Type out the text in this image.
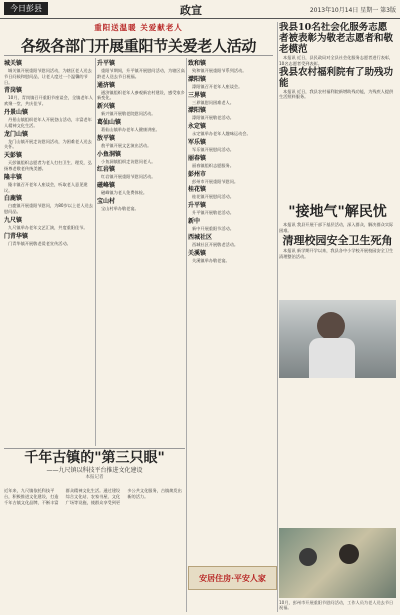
今日彭县	政宣	2013年10月14日 星期一 第3版
重阳送温暖 关爱献老人
各级各部门开展重阳节关爱老人活动
城关镇
城关镇开展重阳节慰问活动，为辖区老人送去节日问候和慰问品，让老人度过一个温馨的节日。
青岗镇
10月，青岗镇召开重阳节座谈会，全镇老年人欢聚一堂，共庆佳节。
丹景山镇
丹景山镇组织老年人开展登山活动，丰富老年人精神文化生活。
龙门山镇
龙门山镇开展走访慰问活动，为困难老人送去关怀。
天彭镇
天彭镇组织志愿者为老人打扫卫生、理发，弘扬尊老敬老传统美德。
隆丰镇
隆丰镇召开老年人座谈会，听取老人意见建议。
白鹿镇
白鹿镇开展重阳节慰问，为80岁以上老人送去慰问品。
九尺镇
九尺镇举办老年文艺汇演，共度重阳佳节。
门青华镇
门青华镇开展敬老爱老宣传活动。
升平镇
重阳节期间，升平镇开展慰问活动，为辖区高龄老人送去节日祝福。
通济镇
通济镇组织老年人参观新农村建设，感受家乡新变化。
新兴镇
新兴镇开展敬老院慰问活动。
葛仙山镇
葛仙山镇举办老年人健康讲座。
敖平镇
敖平镇开展文艺演出活动。
小鱼洞镇
小鱼洞镇组织走访慰问老人。
红岩镇
红岩镇开展重阳节慰问活动。
磁峰镇
磁峰镇为老人免费体检。
宝山村
宝山村举办敬老宴。
致和镇
致和镇开展重阳节系列活动。
濛阳镇
濛阳镇召开老年人座谈会。
三界镇
三界镇慰问困难老人。
濛阳镇
濛阳镇开展敬老活动。
永定镇
永定镇举办老年人趣味运动会。
军乐镇
军乐镇开展慰问活动。
丽春镇
丽春镇组织志愿服务。
彭州市
彭州市开展重阳节慰问。
桂花镇
桂花镇开展慰问活动。
升平镇
升平镇开展敬老活动。
新中
新中开展重阳节活动。
西城社区
西城社区开展敬老活动。
关溪镇
关溪镇举办敬老宴。
我县10名社会化服务志愿者被表彰为敬老志愿者和敬老模范
本报讯 近日，县民政局对全县社会化服务志愿者进行表彰，10名志愿者受到表彰。
我县农村福利院有了助残功能
本报讯 近日，我县农村福利院新增助残功能，为残疾人提供生活照料服务。
"接地气"解民忧
本报讯 我县开展干部下基层活动，深入群众，解决群众实际困难。
清理校园安全卫生死角
本报讯 新学期开学以来，我县各中小学校开展校园安全卫生清理整治活动。
10月，彭州市开展重阳节慰问活动，工作人员为老人送去节日祝福。
千年古镇的"第三只眼"
——九尺镇以科技平台推进文化建设
本报记者
近年来，九尺镇依托科技平台，积极推进文化建设，打造千年古镇文化品牌，不断丰富群众精神文化生活。通过建设综合文化站、农家书屋、文化广场等设施，使群众享受到更多公共文化服务，古镇焕发出新的活力。
安居住房·平安人家
